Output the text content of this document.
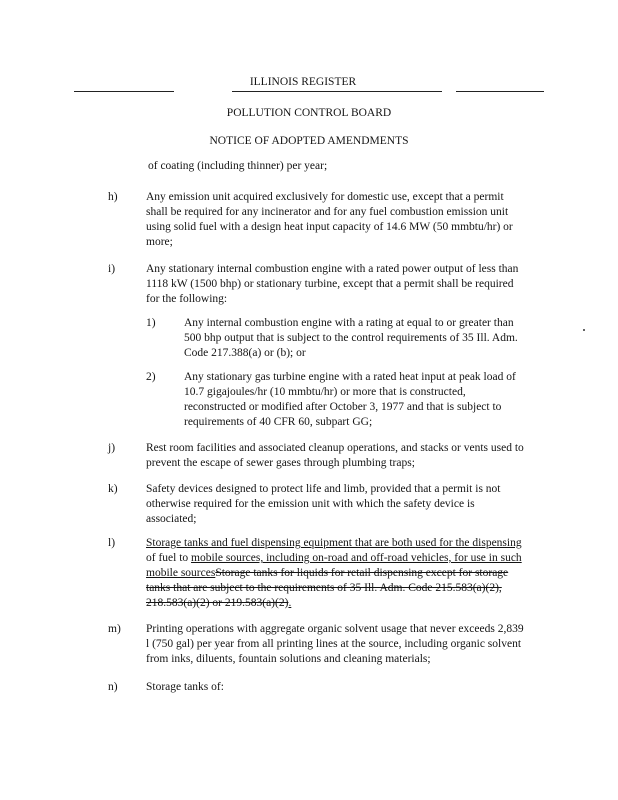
ILLINOIS REGISTER
POLLUTION CONTROL BOARD
NOTICE OF ADOPTED AMENDMENTS
of coating (including thinner) per year;
h) Any emission unit acquired exclusively for domestic use, except that a permit
shall be required for any incinerator and for any fuel combustion emission unit
using solid fuel with a design heat input capacity of 14.6 MW (50 mmbtu/hr) or
more;
i)	Any stationary internal combustion engine with a rated power output of less than
1118 kW (1500 bhp) or stationary turbine, except that a permit shall be required
for the following:
1) Any internal combustion engine with a rating at equal to or greater than
500 bhp output that is subject to the control requirements of 35 Ill. Adm.
Code 217.388(a) or (b); or
2) Any stationary gas turbine engine with a rated heat input at peak load of
10.7 gigajoules/hr (10 mmbtu/hr) or more that is constructed,
reconstructed or modified after October 3, 1977 and that is subject to
requirements of 40 CFR 60, subpart GG;
j)	Rest room facilities and associated cleanup operations, and stacks or vents used to
prevent the escape of sewer gases through plumbing traps;
k) Safety devices designed to protect life and limb, provided that a permit is not
otherwise required for the emission unit with which the safety device is
associated;
l)	Storage tanks and fuel dispensing equipment that are both used for the dispensing
of fuel to mobile sources, including on-road and off-road vehicles, for use in such
mobile sourcesStorage tanks for liquids for retail dispensing except for storage
tanks that are subject to the requirements of 35 Ill. Adm. Code 215.583(a)(2),
218.583(a)(2) or 219.583(a)(2).
m) Printing operations with aggregate organic solvent usage that never exceeds 2,839
l (750 gal) per year from all printing lines at the source, including organic solvent
from inks, diluents, fountain solutions and cleaning materials;
n) Storage tanks of:
